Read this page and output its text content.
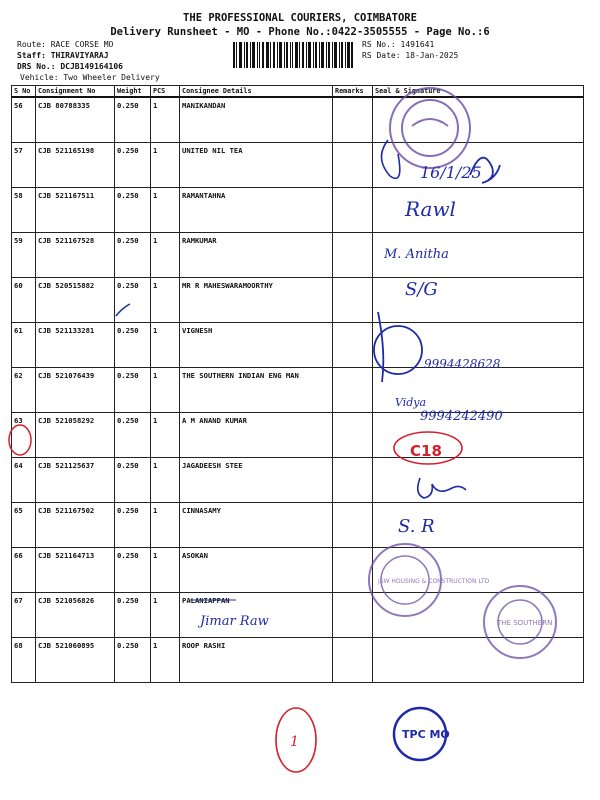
THE PROFESSIONAL COURIERS, COIMBATORE
Delivery Runsheet - MO - Phone No.:0422-3505555 - Page No.:6
Route: RACE CORSE MO
Staff: THIRAVIYARAJ
DRS No.: DCJB149164106
Vehicle: Two Wheeler Delivery
RS No.: 1491641
RS Date: 18-Jan-2025
S No	Consignment No	Weight	PCS	Consignee Details	Remarks	Seal & Signature
56	CJB 80788335	0.250	1	MANIKANDAN		
57	CJB 521165198	0.250	1	UNITED NIL TEA		
58	CJB 521167511	0.250	1	RAMANTAHNA		
59	CJB 521167528	0.250	1	RAMKUMAR		
60	CJB 520515882	0.250	1	MR R MAHESWARAMOORTHY		
61	CJB 521133281	0.250	1	VIGNESH		
62	CJB 521076439	0.250	1	THE SOUTHERN INDIAN ENG MAN		
63	CJB 521058292	0.250	1	A M ANAND KUMAR		
64	CJB 521125637	0.250	1	JAGADEESH STEE		
65	CJB 521167502	0.250	1	CINNASAMY		
66	CJB 521164713	0.250	1	ASOKAN		
67	CJB 521056826	0.250	1	PALANIAPPAN		
68	CJB 521060895	0.250	1	ROOP RASHI		
16/1/25
Rawl
M. Anitha
S/G
9994428628
Vidya
9994242490
C18
S. R
JSW HOUSING & CONSTRUCTION LTD
THE SOUTHERN
Jimar Raw
1	TPC MO
